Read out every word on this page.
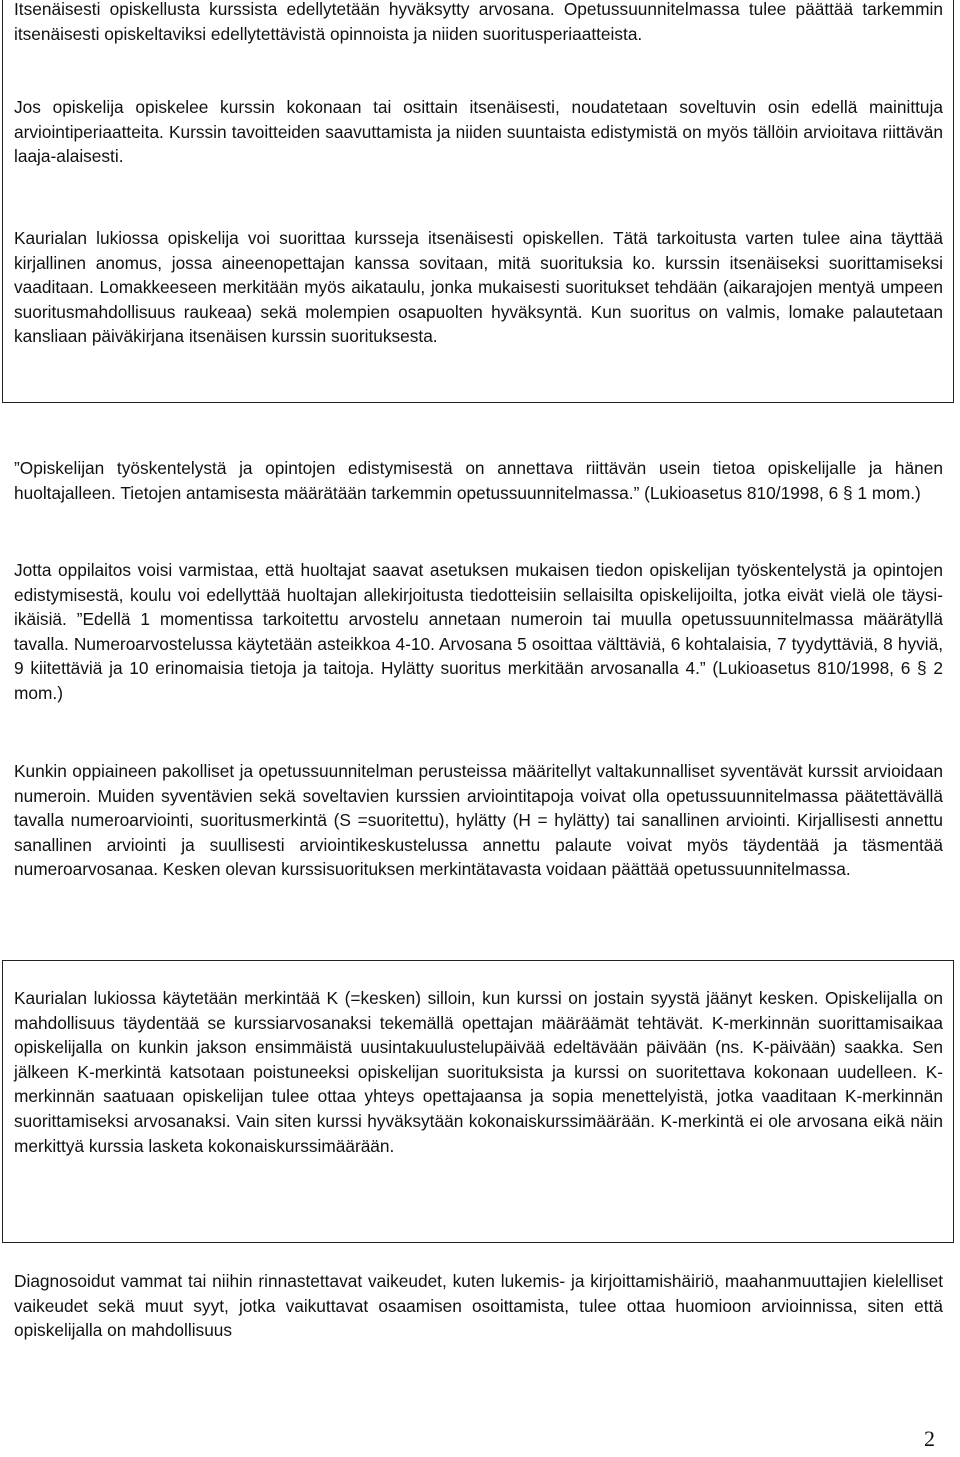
Itsenäisesti opiskellusta kurssista edellytetään hyväksytty arvosana. Opetussuunnitelmassa tulee päättää tarkemmin itsenäisesti opiskeltaviksi edellytettävistä opinnoista ja niiden suoritusperiaatteista.

Jos opiskelija opiskelee kurssin kokonaan tai osittain itsenäisesti, noudatetaan soveltuvin osin edellä mainittuja arviointiperiaatteita. Kurssin tavoitteiden saavuttamista ja niiden suuntaista edistymistä on myös tällöin arvioitava riittävän laaja-alaisesti.

Kaurialan lukiossa opiskelija voi suorittaa kursseja itsenäisesti opiskellen. Tätä tarkoitusta varten tulee aina täyttää kirjallinen anomus, jossa aineenopettajan kanssa sovitaan, mitä suorituksia ko. kurssin itsenäiseksi suorittamiseksi vaaditaan. Lomakkeeseen merkitään myös aikataulu, jonka mukaisesti suoritukset tehdään (aikarajojen mentyä umpeen suoritusmahdollisuus raukeaa) sekä molempien osapuolten hyväksyntä. Kun suoritus on valmis, lomake palautetaan kansliaan päiväkirjana itsenäisen kurssin suorituksesta.

”Opiskelijan työskentelystä ja opintojen edistymisestä on annettava riittävän usein tietoa opiskelijalle ja hänen huoltajalleen. Tietojen antamisesta määrätään tarkemmin opetussuunnitelmassa.” (Lukioasetus 810/1998, 6 § 1 mom.)

Jotta oppilaitos voisi varmistaa, että huoltajat saavat asetuksen mukaisen tiedon opiskelijan työskentelystä ja opintojen edistymisestä, koulu voi edellyttää huoltajan allekirjoitusta tiedotteisiin sellaisilta opiskelijoilta, jotka eivät vielä ole täysi-ikäisiä. ”Edellä 1 momentissa tarkoitettu arvostelu annetaan numeroin tai muulla opetussuunnitelmassa määrätyllä tavalla. Numeroarvostelussa käytetään asteikkoa 4-10. Arvosana 5 osoittaa välttäviä, 6 kohtalaisia, 7 tyydyttäviä, 8 hyviä, 9 kiitettäviä ja 10 erinomaisia tietoja ja taitoja. Hylätty suoritus merkitään arvosanalla 4.” (Lukioasetus 810/1998, 6 § 2 mom.)

Kunkin oppiaineen pakolliset ja opetussuunnitelman perusteissa määritellyt valtakunnalliset syventävät kurssit arvioidaan numeroin. Muiden syventävien sekä soveltavien kurssien arviointitapoja voivat olla opetussuunnitelmassa päätettävällä tavalla numeroarviointi, suoritusmerkintä (S =suoritettu), hylätty (H = hylätty) tai sanallinen arviointi. Kirjallisesti annettu sanallinen arviointi ja suullisesti arviointikeskustelussa annettu palaute voivat myös täydentää ja täsmentää numeroarvosanaa. Kesken olevan kurssisuorituksen merkintätavasta voidaan päättää opetussuunnitelmassa.

Kaurialan lukiossa käytetään merkintää K (=kesken) silloin, kun kurssi on jostain syystä jäänyt kesken. Opiskelijalla on mahdollisuus täydentää se kurssiarvosanaksi tekemällä opettajan määräämät tehtävät. K-merkinnän suorittamisaikaa opiskelijalla on kunkin jakson ensimmäistä uusintakuulustelupäivää edeltävään päivään (ns. K-päivään) saakka. Sen jälkeen K-merkintä katsotaan poistuneeksi opiskelijan suorituksista ja kurssi on suoritettava kokonaan uudelleen. K-merkinnän saatuaan opiskelijan tulee ottaa yhteys opettajaansa ja sopia menettelyistä, jotka vaaditaan K-merkinnän suorittamiseksi arvosanaksi. Vain siten kurssi hyväksytään kokonaiskurssimäärään. K-merkintä ei ole arvosana eikä näin merkittyä kurssia lasketa kokonaiskurssimäärään.

Diagnosoidut vammat tai niihin rinnastettavat vaikeudet, kuten lukemis- ja kirjoittamishäiriö, maahanmuuttajien kielelliset vaikeudet sekä muut syyt, jotka vaikuttavat osaamisen osoittamista, tulee ottaa huomioon arvioinnissa, siten että opiskelijalla on mahdollisuus

2
